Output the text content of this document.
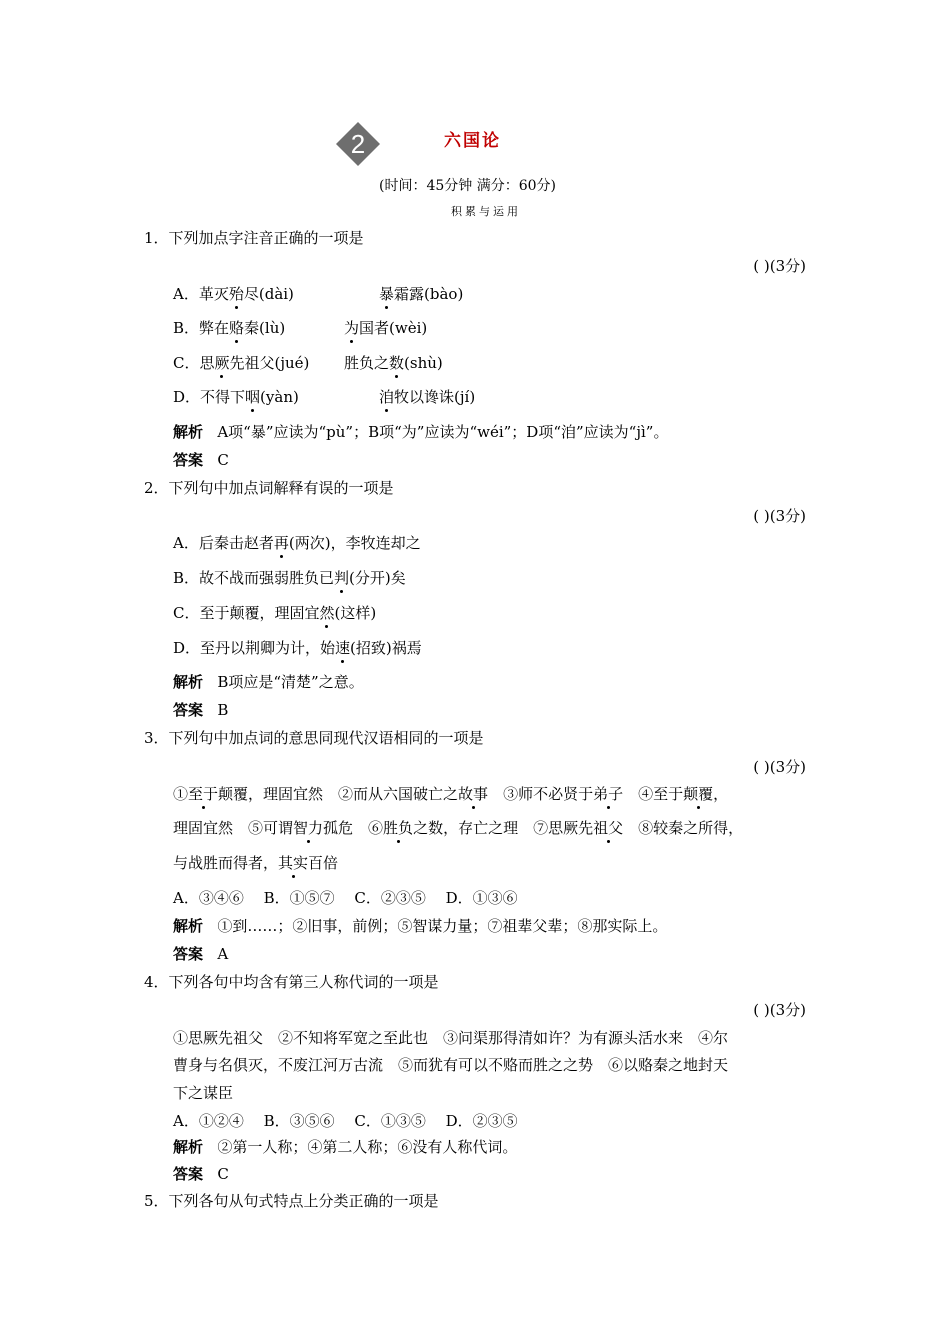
2	六国论
(时间：45分钟 满分：60分)
积累与运用
1．下列加点字注音正确的一项是
( )(3分)
A．革灭殆尽(dài)	暴霜露(bào)
B．弊在赂秦(lù)	为国者(wèi)
C．思厥先祖父(jué) 胜负之数(shù)
D．不得下咽(yàn)	洎牧以谗诛(jí)
解析 A项“暴”应读为“pù”；B项“为”应读为“wéi”；D项“洎”应读为“jì”。
答案 C
2．下列句中加点词解释有误的一项是
( )(3分)
A．后秦击赵者再(两次)，李牧连却之
B．故不战而强弱胜负已判(分开)矣
C．至于颠覆，理固宜然(这样)
D．至丹以荆卿为计，始速(招致)祸焉
解析 B项应是“清楚”之意。
答案 B
3．下列句中加点词的意思同现代汉语相同的一项是
( )(3分)
①至于颠覆，理固宜然　②而从六国破亡之故事　③师不必贤于弟子　④至于颠覆，
理固宜然　⑤可谓智力孤危　⑥胜负之数，存亡之理　⑦思厥先祖父　⑧较秦之所得，
与战胜而得者，其实百倍
A．③④⑥　 B．①⑤⑦　 C．②③⑤　 D．①③⑥
解析 ①到……；②旧事，前例；⑤智谋力量；⑦祖辈父辈；⑧那实际上。
答案 A
4．下列各句中均含有第三人称代词的一项是
( )(3分)
①思厥先祖父　②不知将军宽之至此也　③问渠那得清如许？为有源头活水来　④尔
曹身与名俱灭，不废江河万古流　⑤而犹有可以不赂而胜之之势　⑥以赂秦之地封天
下之谋臣
A．①②④　 B．③⑤⑥　 C．①③⑤　 D．②③⑤
解析 ②第一人称；④第二人称；⑥没有人称代词。
答案 C
5．下列各句从句式特点上分类正确的一项是
